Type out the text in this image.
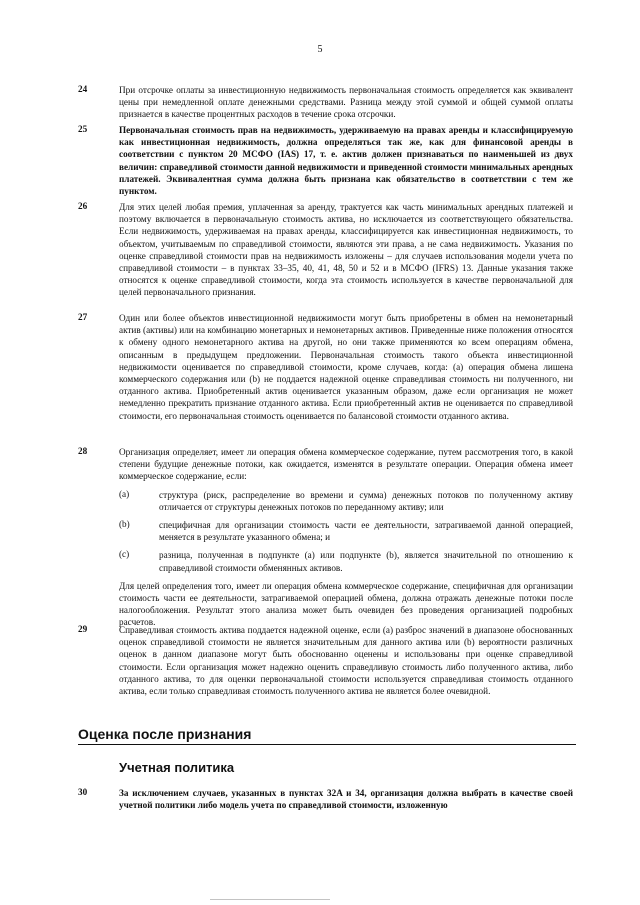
5
24	При отсрочке оплаты за инвестиционную недвижимость первоначальная стоимость определяется как эквивалент цены при немедленной оплате денежными средствами. Разница между этой суммой и общей суммой оплаты признается в качестве процентных расходов в течение срока отсрочки.
25	Первоначальная стоимость прав на недвижимость, удерживаемую на правах аренды и классифицируемую как инвестиционная недвижимость, должна определяться так же, как для финансовой аренды в соответствии с пунктом 20 МСФО (IAS) 17, т. е. актив должен признаваться по наименьшей из двух величин: справедливой стоимости данной недвижимости и приведенной стоимости минимальных арендных платежей. Эквивалентная сумма должна быть признана как обязательство в соответствии с тем же пунктом.
26	Для этих целей любая премия, уплаченная за аренду, трактуется как часть минимальных арендных платежей и поэтому включается в первоначальную стоимость актива, но исключается из соответствующего обязательства. Если недвижимость, удерживаемая на правах аренды, классифицируется как инвестиционная недвижимость, то объектом, учитываемым по справедливой стоимости, являются эти права, а не сама недвижимость. Указания по оценке справедливой стоимости прав на недвижимость изложены – для случаев использования модели учета по справедливой стоимости – в пунктах 33–35, 40, 41, 48, 50 и 52 и в МСФО (IFRS) 13. Данные указания также относятся к оценке справедливой стоимости, когда эта стоимость используется в качестве первоначальной для целей первоначального признания.
27	Один или более объектов инвестиционной недвижимости могут быть приобретены в обмен на немонетарный актив (активы) или на комбинацию монетарных и немонетарных активов. Приведенные ниже положения относятся к обмену одного немонетарного актива на другой, но они также применяются ко всем операциям обмена, описанным в предыдущем предложении. Первоначальная стоимость такого объекта инвестиционной недвижимости оценивается по справедливой стоимости, кроме случаев, когда: (a) операция обмена лишена коммерческого содержания или (b) не поддается надежной оценке справедливая стоимость ни полученного, ни отданного актива. Приобретенный актив оценивается указанным образом, даже если организация не может немедленно прекратить признание отданного актива. Если приобретенный актив не оценивается по справедливой стоимости, его первоначальная стоимость оценивается по балансовой стоимости отданного актива.
28	Организация определяет, имеет ли операция обмена коммерческое содержание, путем рассмотрения того, в какой степени будущие денежные потоки, как ожидается, изменятся в результате операции. Операция обмена имеет коммерческое содержание, если:
(a)	структура (риск, распределение во времени и сумма) денежных потоков по полученному активу отличается от структуры денежных потоков по переданному активу; или
(b)	специфичная для организации стоимость части ее деятельности, затрагиваемой данной операцией, меняется в результате указанного обмена; и
(c)	разница, полученная в подпункте (a) или подпункте (b), является значительной по отношению к справедливой стоимости обменянных активов.
Для целей определения того, имеет ли операция обмена коммерческое содержание, специфичная для организации стоимость части ее деятельности, затрагиваемой операцией обмена, должна отражать денежные потоки после налогообложения. Результат этого анализа может быть очевиден без проведения организацией подробных расчетов.
29	Справедливая стоимость актива поддается надежной оценке, если (a) разброс значений в диапазоне обоснованных оценок справедливой стоимости не является значительным для данного актива или (b) вероятности различных оценок в данном диапазоне могут быть обоснованно оценены и использованы при оценке справедливой стоимости. Если организация может надежно оценить справедливую стоимость либо полученного актива, либо отданного актива, то для оценки первоначальной стоимости используется справедливая стоимость отданного актива, если только справедливая стоимость полученного актива не является более очевидной.
Оценка после признания
Учетная политика
30	За исключением случаев, указанных в пунктах 32A и 34, организация должна выбрать в качестве своей учетной политики либо модель учета по справедливой стоимости, изложенную
